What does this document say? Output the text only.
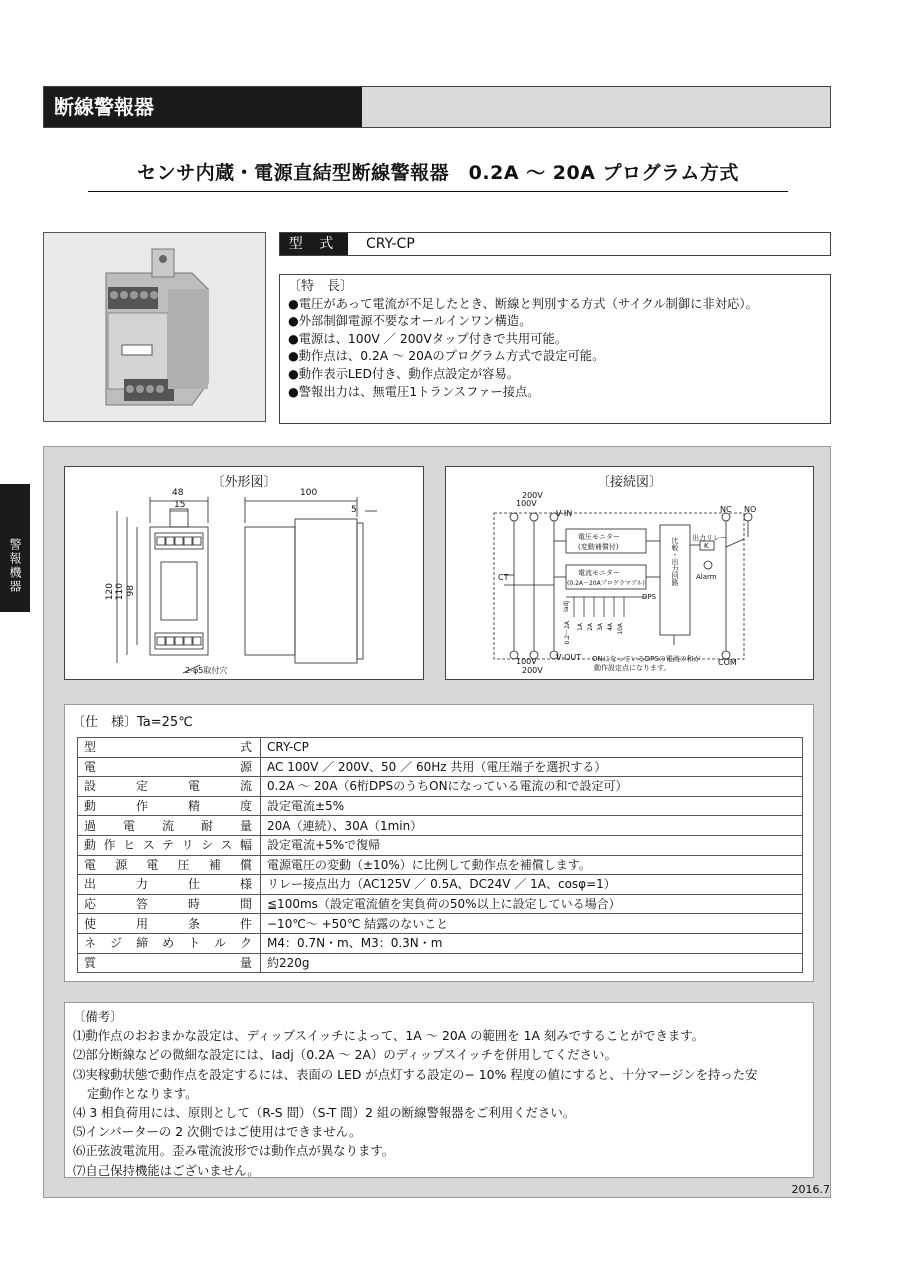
断線警報器
センサ内蔵・電源直結型断線警報器　0.2A ～ 20A プログラム方式
警報機器
型 式	CRY-CP
〔特　長〕
●電圧があって電流が不足したとき、断線と判別する方式（サイクル制御に非対応）。
●外部制御電源不要なオールインワン構造。
●電源は、100V ／ 200Vタップ付きで共用可能。
●動作点は、0.2A ～ 20Aのプログラム方式で設定可能。
●動作表示LED付き、動作点設定が容易。
●警報出力は、無電圧1トランスファー接点。
〔外形図〕
48
15
100
5
120 110 98
2-φ5取付穴
〔接続図〕
200V
100V
V-IN	NC NO
電圧モニター
(変動補償付)
電流モニター
(0.2A～20Aプログラマブル)
CT
DPS
出力リレー
K
Alarm
比較・出力回路
Iadj
1A 2A 3A 4A 10A
0.2～2A
V-OUT
COM
ONになっているDPSの電流の和が
動作設定点になります。
100V
200V
〔仕　様〕Ta=25℃
型式	CRY-CP
電源	AC 100V ／ 200V、50 ／ 60Hz 共用（電圧端子を選択する）
設定電流	0.2A ～ 20A（6桁DPSのうちONになっている電流の和で設定可）
動作精度	設定電流±5%
過電流耐量	20A（連続）、30A（1min）
動作ヒステリシス幅	設定電流+5%で復帰
電源電圧補償	電源電圧の変動（±10%）に比例して動作点を補償します。
出力仕様	リレー接点出力（AC125V ／ 0.5A、DC24V ／ 1A、cosφ=1）
応答時間	≦100ms（設定電流値を実負荷の50%以上に設定している場合）
使用条件	−10℃～ +50℃ 結露のないこと
ネジ締めトルク	M4：0.7N・m、M3：0.3N・m
質量	約220g
〔備考〕
⑴動作点のおおまかな設定は、ディップスイッチによって、1A ～ 20A の範囲を 1A 刻みですることができます。
⑵部分断線などの微細な設定には、Iadj（0.2A ～ 2A）のディップスイッチを併用してください。
⑶実稼動状態で動作点を設定するには、表面の LED が点灯する設定の− 10% 程度の値にすると、十分マージンを持った安
定動作となります。
⑷ 3 相負荷用には、原則として（R-S 間）（S-T 間）2 組の断線警報器をご利用ください。
⑸インバーターの 2 次側ではご使用はできません。
⑹正弦波電流用。歪み電流波形では動作点が異なります。
⑺自己保持機能はございません。
2016.7
